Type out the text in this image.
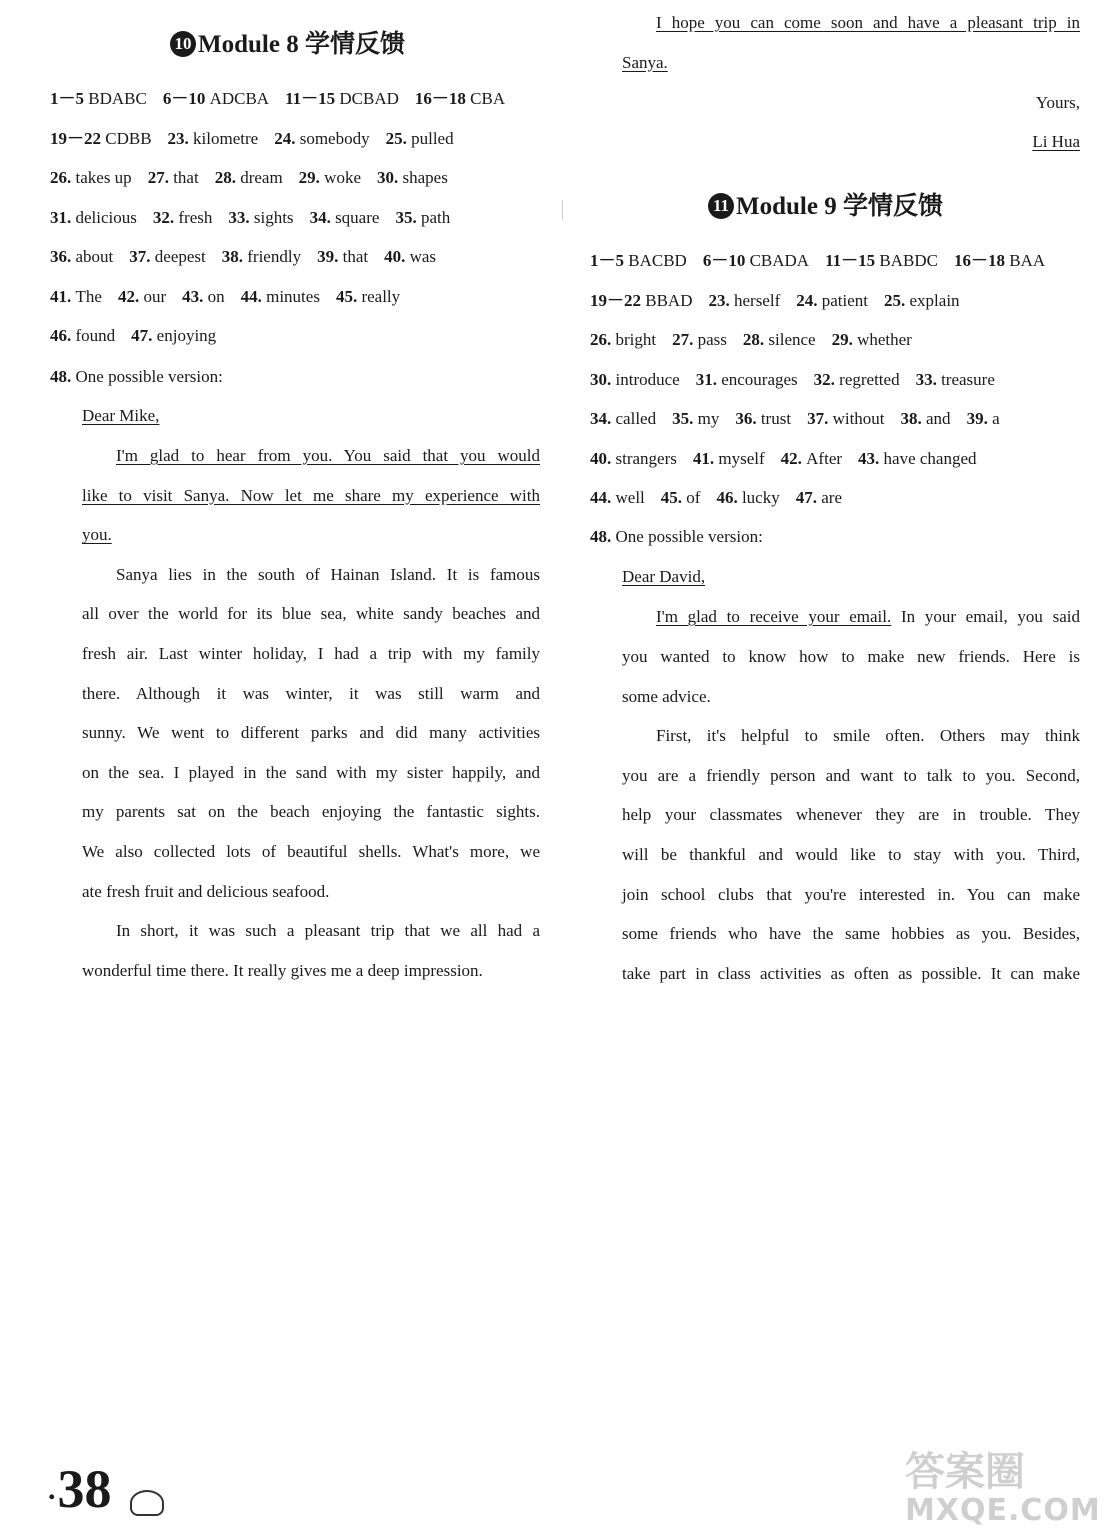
10 Module 8 学情反馈
1－5 BDABC 6－10 ADCBA 11－15 DCBAD 16－18 CBA
19－22 CDBB 23. kilometre 24. somebody 25. pulled
26. takes up 27. that 28. dream 29. woke 30. shapes
31. delicious 32. fresh 33. sights 34. square 35. path
36. about 37. deepest 38. friendly 39. that 40. was
41. The 42. our 43. on 44. minutes 45. really
46. found 47. enjoying
48. One possible version:
Dear Mike,
I'm glad to hear from you. You said that you would
like to visit Sanya. Now let me share my experience with
you.
Sanya lies in the south of Hainan Island. It is famous
all over the world for its blue sea, white sandy beaches and
fresh air. Last winter holiday, I had a trip with my family
there. Although it was winter, it was still warm and
sunny. We went to different parks and did many activities
on the sea. I played in the sand with my sister happily, and
my parents sat on the beach enjoying the fantastic sights.
We also collected lots of beautiful shells. What's more, we
ate fresh fruit and delicious seafood.
In short, it was such a pleasant trip that we all had a
wonderful time there. It really gives me a deep impression.
I hope you can come soon and have a pleasant trip in
Sanya.
Yours,
Li Hua
11 Module 9 学情反馈
1－5 BACBD 6－10 CBADA 11－15 BABDC 16－18 BAA
19－22 BBAD 23. herself 24. patient 25. explain
26. bright 27. pass 28. silence 29. whether
30. introduce 31. encourages 32. regretted 33. treasure
34. called 35. my 36. trust 37. without 38. and 39. a
40. strangers 41. myself 42. After 43. have changed
44. well 45. of 46. lucky 47. are
48. One possible version:
Dear David,
I'm glad to receive your email. In your email, you said
you wanted to know how to make new friends. Here is
some advice.
First, it's helpful to smile often. Others may think
you are a friendly person and want to talk to you. Second,
help your classmates whenever they are in trouble. They
will be thankful and would like to stay with you. Third,
join school clubs that you're interested in. You can make
some friends who have the same hobbies as you. Besides,
take part in class activities as often as possible. It can make
.38	答案圈
MXQE.COM
